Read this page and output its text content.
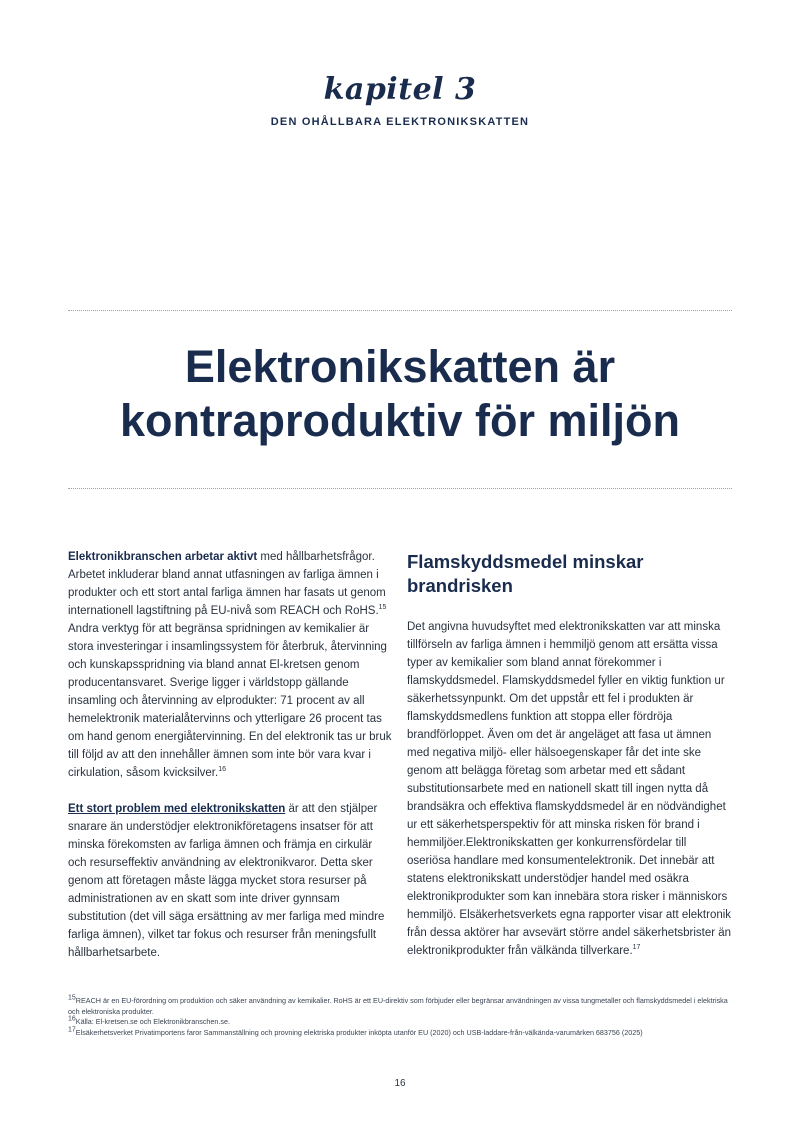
kapitel 3
DEN OHÅLLBARA ELEKTRONIKSKATTEN
Elektronikskatten är
kontraproduktiv för miljön

Elektronikbranschen arbetar aktivt med hållbarhetsfrågor. Arbetet inkluderar bland annat utfasningen av farliga ämnen i produkter och ett stort antal farliga ämnen har fasats ut genom internationell lagstiftning på EU-nivå som REACH och RoHS.$^{15}$ Andra verktyg för att begränsa spridningen av kemikalier är stora investeringar i insamlingssystem för återbruk, återvinning och kunskapsspridning via bland annat El-kretsen genom producentansvaret. Sverige ligger i världstopp gällande insamling och återvinning av elprodukter: 71 procent av all hemelektronik materialåtervinns och ytterligare 26 procent tas om hand genom energiåtervinning. En del elektronik tas ur bruk till följd av att den innehåller ämnen som inte bör vara kvar i cirkulation, såsom kvicksilver.$^{16}$

Ett stort problem med elektronikskatten är att den stjälper snarare än understödjer elektronikföretagens insatser för att minska förekomsten av farliga ämnen och främja en cirkulär och resurseffektiv användning av elektronikvaror. Detta sker genom att företagen måste lägga mycket stora resurser på administrationen av en skatt som inte driver gynnsam substitution (det vill säga ersättning av mer farliga med mindre farliga ämnen), vilket tar fokus och resurser från meningsfullt hållbarhetsarbete.

Flamskyddsmedel minskar brandrisken

Det angivna huvudsyftet med elektronikskatten var att minska tillförseln av farliga ämnen i hemmiljö genom att ersätta vissa typer av kemikalier som bland annat förekommer i flamskyddsmedel. Flamskyddsmedel fyller en viktig funktion ur säkerhetssynpunkt. Om det uppstår ett fel i produkten är flamskyddsmedlens funktion att stoppa eller fördröja brandförloppet. Även om det är angeläget att fasa ut ämnen med negativa miljö- eller hälsoegenskaper får det inte ske genom att belägga företag som arbetar med ett sådant substitutionsarbete med en nationell skatt till ingen nytta då brandsäkra och effektiva flamskyddsmedel är en nödvändighet ur ett säkerhetsperspektiv för att minska risken för brand i hemmiljöer.Elektronikskatten ger konkurrensfördelar till oseriösa handlare med konsumentelektronik. Det innebär att statens elektronikskatt understödjer handel med osäkra elektronikprodukter som kan innebära stora risker i människors hemmiljö. Elsäkerhetsverkets egna rapporter visar att elektronik från dessa aktörer har avsevärt större andel säkerhetsbrister än elektronikprodukter från välkända tillverkare.$^{17}$

$^{15}$REACH är en EU-förordning om produktion och säker användning av kemikalier. RoHS är ett EU-direktiv som förbjuder eller begränsar användningen av vissa tungmetaller och flamskyddsmedel i elektriska och elektroniska produkter.
$^{16}$Källa: El-kretsen.se och Elektronikbranschen.se.
$^{17}$Elsäkerhetsverket Privatimportens faror Sammanställning och provning elektriska produkter inköpta utanför EU (2020) och USB-laddare-från-välkända-varumärken 683756 (2025)
16
